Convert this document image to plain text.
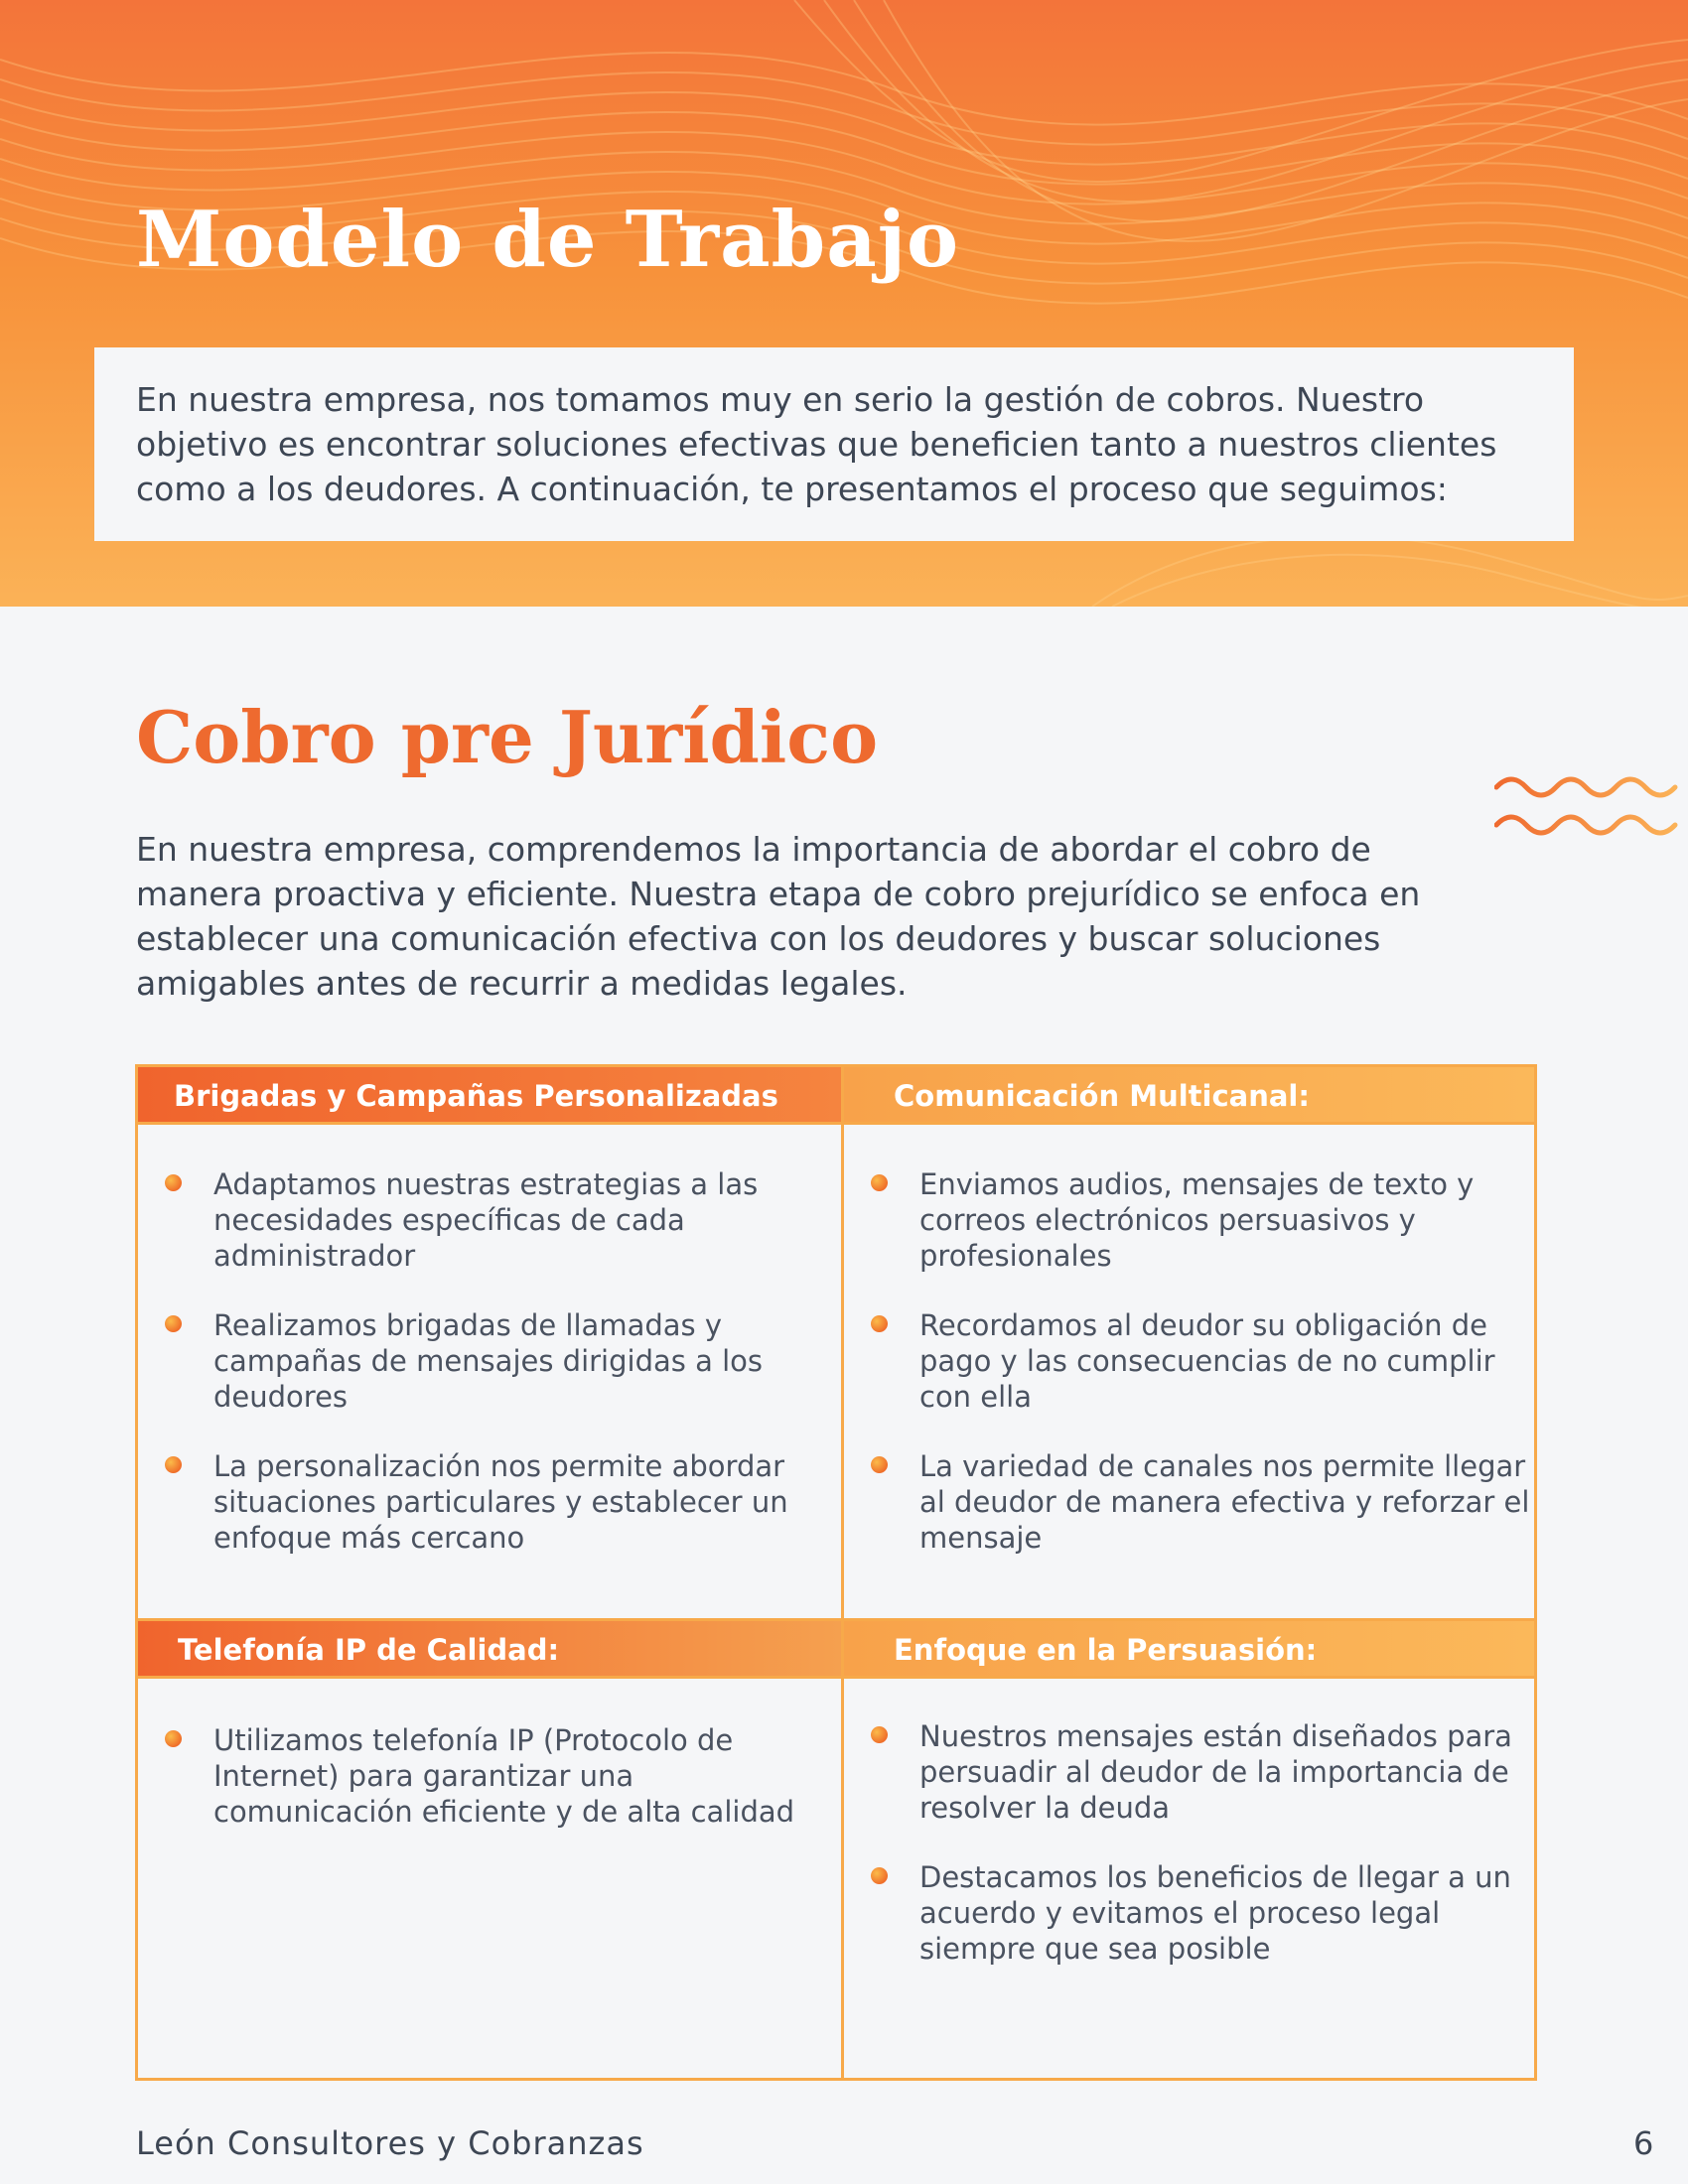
Modelo de Trabajo

En nuestra empresa, nos tomamos muy en serio la gestión de cobros. Nuestro objetivo es encontrar soluciones efectivas que beneficien tanto a nuestros clientes como a los deudores. A continuación, te presentamos el proceso que seguimos:

Cobro pre Jurídico

En nuestra empresa, comprendemos la importancia de abordar el cobro de manera proactiva y eficiente. Nuestra etapa de cobro prejurídico se enfoca en establecer una comunicación efectiva con los deudores y buscar soluciones amigables antes de recurrir a medidas legales.

Brigadas y Campañas Personalizadas	Comunicación Multicanal:
Telefonía IP de Calidad:	Enfoque en la Persuasión:
Adaptamos nuestras estrategias a las necesidades específicas de cada administrador
Realizamos brigadas de llamadas y campañas de mensajes dirigidas a los deudores
La personalización nos permite abordar situaciones particulares y establecer un enfoque más cercano
Enviamos audios, mensajes de texto y correos electrónicos persuasivos y profesionales
Recordamos al deudor su obligación de pago y las consecuencias de no cumplir con ella
La variedad de canales nos permite llegar al deudor de manera efectiva y reforzar el mensaje
Utilizamos telefonía IP (Protocolo de Internet) para garantizar una comunicación eficiente y de alta calidad
Nuestros mensajes están diseñados para persuadir al deudor de la importancia de resolver la deuda
Destacamos los beneficios de llegar a un acuerdo y evitamos el proceso legal siempre que sea posible

León Consultores y Cobranzas	6
